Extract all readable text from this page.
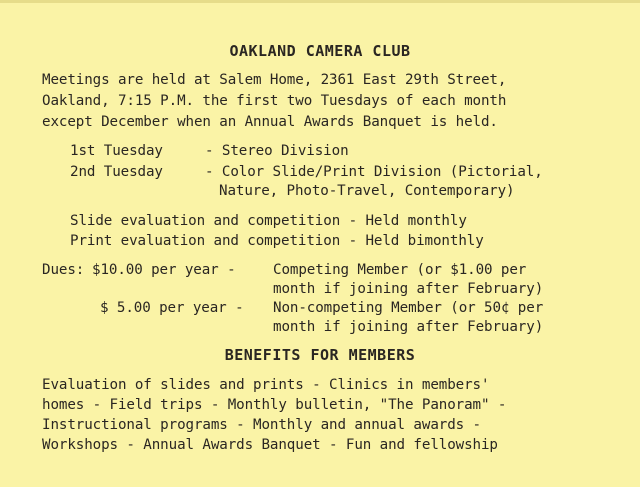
OAKLAND CAMERA CLUB
Meetings are held at Salem Home, 2361 East 29th Street,
Oakland, 7:15 P.M. the first two Tuesdays of each month
except December when an Annual Awards Banquet is held.
1st Tuesday	- Stereo Division
2nd Tuesday	- Color Slide/Print Division (Pictorial,
Nature, Photo-Travel, Contemporary)
Slide evaluation and competition - Held monthly
Print evaluation and competition - Held bimonthly
Dues: $10.00 per year -	Competing Member (or $1.00 per
month if joining after February)
$ 5.00 per year - Non-competing Member (or 50¢ per
month if joining after February)
BENEFITS FOR MEMBERS
Evaluation of slides and prints - Clinics in members'
homes - Field trips - Monthly bulletin, "The Panoram" -
Instructional programs - Monthly and annual awards -
Workshops - Annual Awards Banquet - Fun and fellowship
